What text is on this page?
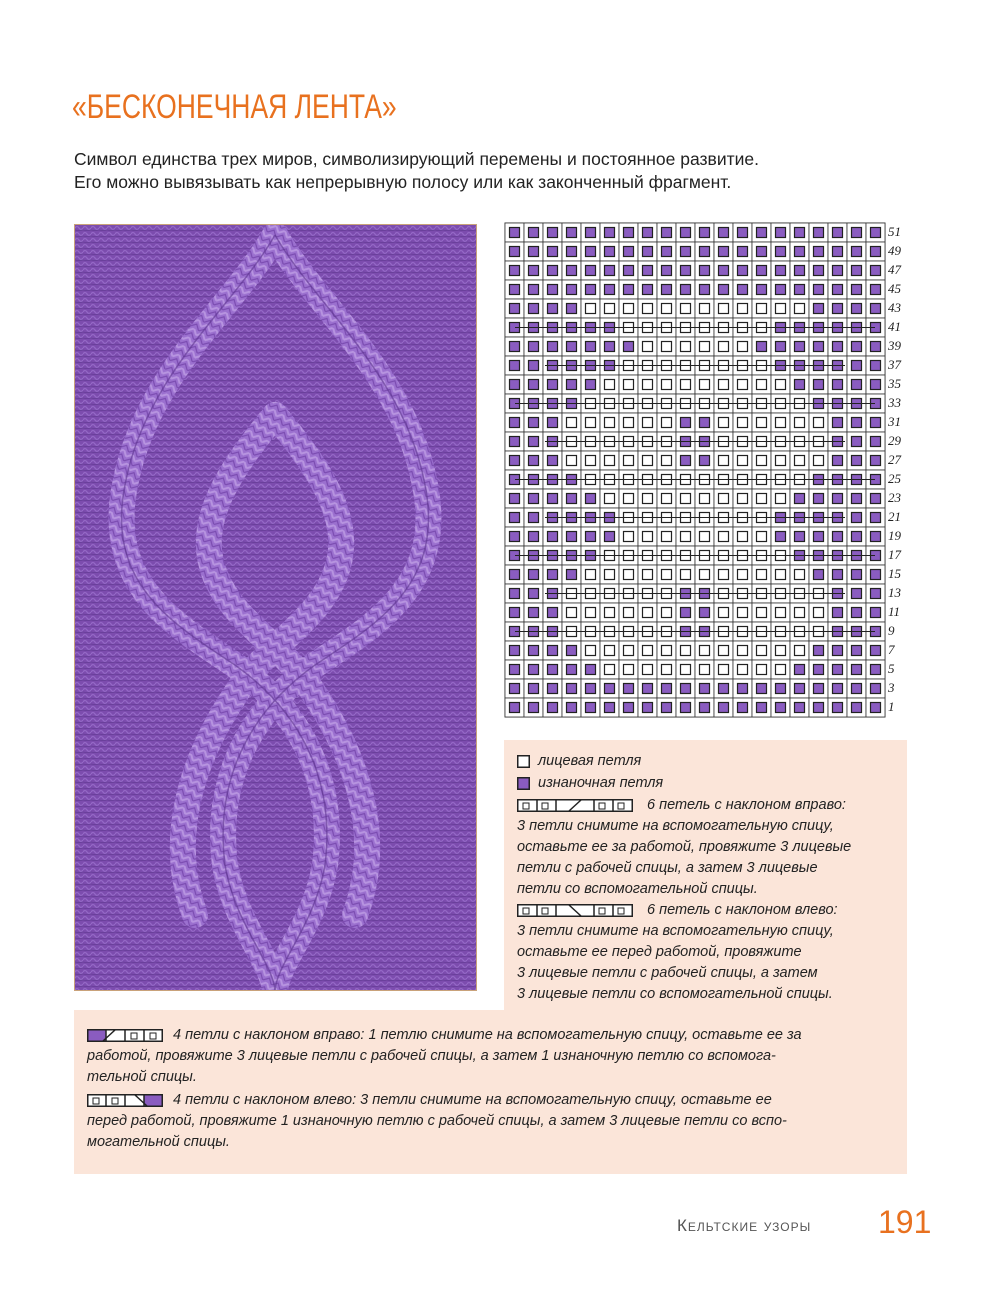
«БЕСКОНЕЧНАЯ ЛЕНТА»
Символ единства трех миров, символизирующий перемены и постоянное развитие.
Его можно вывязывать как непрерывную полосу или как законченный фрагмент.
51
49
47
45
43
41
39
37
35
33
31
29
27
25
23
21
19
17
15
13
11
9
7
5
3
1
лицевая петля
изнаночная петля
6 петель с наклоном вправо:
3 петли снимите на вспомогательную спицу,
оставьте ее за работой, провяжите 3 лицевые
петли с рабочей спицы, а затем 3 лицевые
петли со вспомогательной спицы.
6 петель с наклоном влево:
3 петли снимите на вспомогательную спицу,
оставьте ее перед работой, провяжите
3 лицевые петли с рабочей спицы, а затем
3 лицевые петли со вспомогательной спицы.
4 петли с наклоном вправо: 1 петлю снимите на вспомогательную спицу, оставьте ее за
работой, провяжите 3 лицевые петли с рабочей спицы, а затем 1 изнаночную петлю со вспомога-
тельной спицы.
4 петли с наклоном влево: 3 петли снимите на вспомогательную спицу, оставьте ее
перед работой, провяжите 1 изнаночную петлю с рабочей спицы, а затем 3 лицевые петли со вспо-
могательной спицы.
Кельтские узоры 191
